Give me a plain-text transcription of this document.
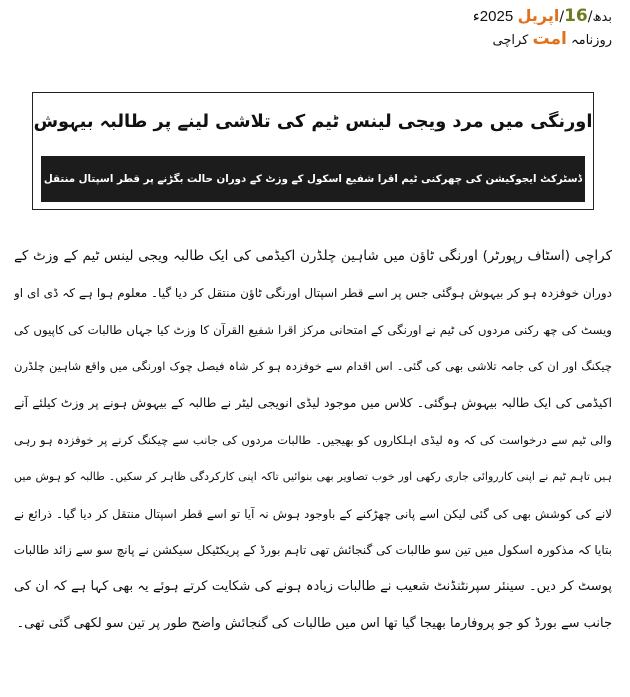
بدھ/16/اپریل 2025ء
روزنامہ امت کراچی
اورنگی میں مرد ویجی لینس ٹیم کی تلاشی لینے پر طالبہ بیہوش
ڈسٹرکٹ ایجوکیشن کی چھرکنی ٹیم اقرا شفیع اسکول کے وزٹ کے دوران حالت بگڑنے پر قطر اسپتال منتقل
کراچی (اسٹاف رپورٹر) اورنگی ٹاؤن میں شاہین چلڈرن اکیڈمی کی ایک طالبہ ویجی لینس ٹیم کے وزٹ کے
دوران خوفزدہ ہو کر بیہوش ہوگئی جس پر اسے قطر اسپتال اورنگی ٹاؤن منتقل کر دیا گیا۔ معلوم ہوا ہے کہ ڈی ای او
ویسٹ کی چھ رکنی مردوں کی ٹیم نے اورنگی کے امتحانی مرکز اقرا شفیع القرآن کا وزٹ کیا جہاں طالبات کی کاپیوں کی
چیکنگ اور ان کی جامہ تلاشی بھی کی گئی۔ اس اقدام سے خوفزدہ ہو کر شاہ فیصل چوک اورنگی میں واقع شاہین چلڈرن
اکیڈمی کی ایک طالبہ بیہوش ہوگئی۔ کلاس میں موجود لیڈی انویجی لیٹر نے طالبہ کے بیہوش ہونے پر وزٹ کیلئے آنے
والی ٹیم سے درخواست کی کہ وہ لیڈی اہلکاروں کو بھیجیں۔ طالبات مردوں کی جانب سے چیکنگ کرنے پر خوفزدہ ہو رہی
ہیں تاہم ٹیم نے اپنی کارروائی جاری رکھی اور خوب تصاویر بھی بنوائیں تاکہ اپنی کارکردگی ظاہر کر سکیں۔ طالبہ کو ہوش میں
لانے کی کوشش بھی کی گئی لیکن اسے پانی چھڑکنے کے باوجود ہوش نہ آیا تو اسے قطر اسپتال منتقل کر دیا گیا۔ ذرائع نے
بتایا کہ مذکورہ اسکول میں تین سو طالبات کی گنجائش تھی تاہم بورڈ کے پریکٹیکل سیکشن نے پانچ سو سے زائد طالبات
پوسٹ کر دیں۔ سینئر سپرنٹنڈنٹ شعیب نے طالبات زیادہ ہونے کی شکایت کرتے ہوئے یہ بھی کہا ہے کہ ان کی
جانب سے بورڈ کو جو پروفارما بھیجا گیا تھا اس میں طالبات کی گنجائش واضح طور پر تین سو لکھی گئی تھی۔
